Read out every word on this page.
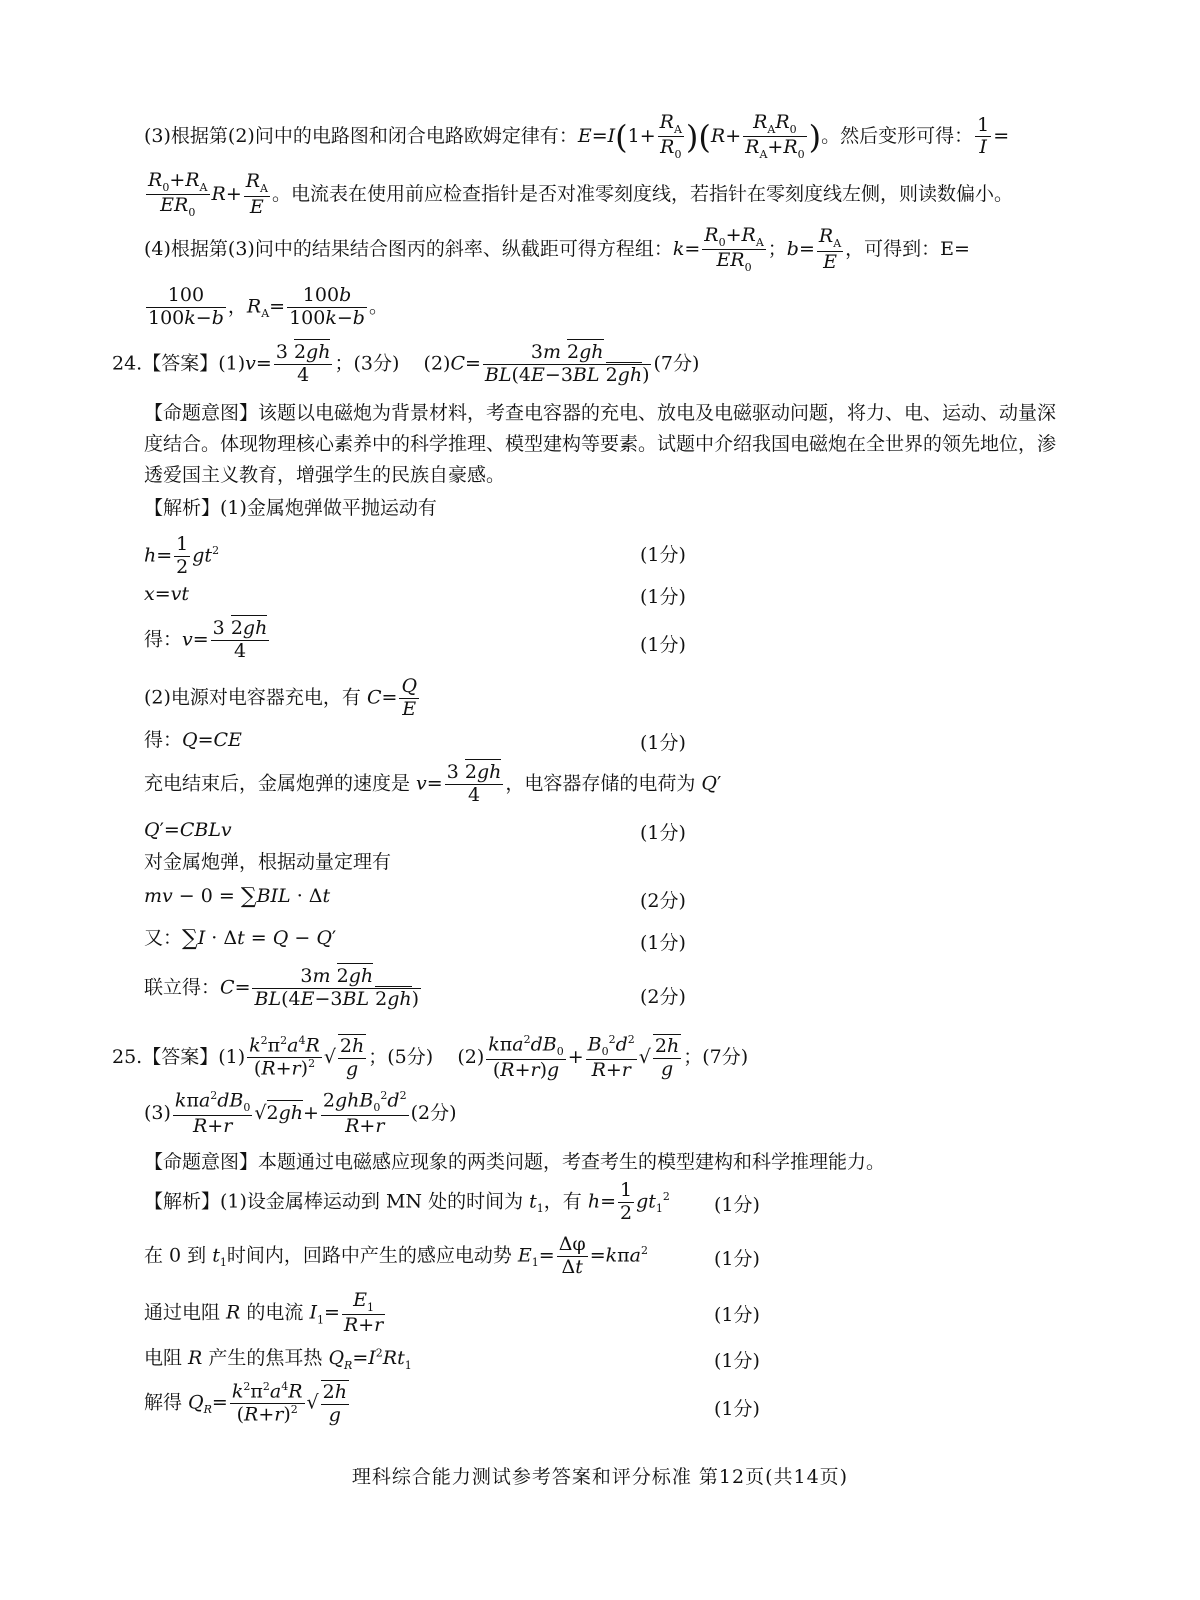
(3)根据第(2)问中的电路图和闭合电路欧姆定律有：$E=I(1+ \frac{R_A}{R_0} )(R+ \frac{R_AR_0}{R_A+R_0}$ )。然后变形可得： $\frac{1}{I}$ =
$\frac{R_0+R_A}{ER_0} R+ \frac{R_A}{E}$ 。电流表在使用前应检查指针是否对准零刻度线，若指针在零刻度线左侧，则读数偏小。
(4)根据第(3)问中的结果结合图丙的斜率、纵截距可得方程组：$k= \frac{R_0+R_A}{ER_0}$ ；$b= \frac{R_A}{E}$ ，可得到：E=
$\frac{100}{100k-b}$ ，$R_A= \frac{100b}{100k-b}$ 。
24.【答案】$(1)v= \frac{3 2gh}{4}$ ；(3分)    $(2)C= \frac{3m 2gh}{BL(4E-3BL 2gh)} (7$分)
【命题意图】该题以电磁炮为背景材料，考查电容器的充电、放电及电磁驱动问题，将力、电、运动、动量深度结合。体现物理核心素养中的科学推理、模型建构等要素。试题中介绍我国电磁炮在全世界的领先地位，渗透爱国主义教育，增强学生的民族自豪感。
【解析】(1)金属炮弹做平抛运动有
$h= \frac{1}{2} gt^2$	(1分)
x=vt	(1分)
得：$v= \frac{3 2gh}{4}$	(1分)
(2)电源对电容器充电，有 $C= \frac{Q}{E}$
得：Q=CE	(1分)
充电结束后，金属炮弹的速度是 $v= \frac{3 2gh}{4}$ ，电容器存储的电荷为 Q′
Q′=CBLv	(1分)
对金属炮弹，根据动量定理有
mv − 0 = ∑BIL · Δt	(2分)
又：∑I · Δt = Q − Q′	(1分)
联立得：$C= \frac{3m 2gh}{BL(4E-3BL 2gh)}$	(2分)
25.【答案】$(1) \frac{k^2\pi^2a^4R}{(R+r)^2}$ √ $\frac{2h}{g}$ ；(5分)    $(2) \frac{k\pi a^2dB_0}{(R+r)g} + \frac{B_0^2d^2}{R+r}$ √ $\frac{2h}{g}$ ；(7分)
$(3) \frac{k\pi a^2dB_0}{R+r} √2gh+ \frac{2ghB_0^2d^2}{R+r} (2$分)
【命题意图】本题通过电磁感应现象的两类问题，考查考生的模型建构和科学推理能力。
【解析】(1)设金属棒运动到 MN 处的时间为 $t_1$，有 $h= \frac{1}{2} gt_1^2$	(1分)
在 0 到 $t_1$时间内，回路中产生的感应电动势 $E_1= \frac{\Delta\varphi}{\Delta t} =k\pi a^2$	(1分)
通过电阻 R 的电流 $I_1= \frac{E_1}{R+r}$	(1分)
电阻 R 产生的焦耳热 $Q_R=I^2Rt_1$	(1分)
解得 $Q_R= \frac{k^2\pi^2a^4R}{(R+r)^2}$ √ $\frac{2h}{g}$	(1分)
理科综合能力测试参考答案和评分标准 第12页(共14页)
